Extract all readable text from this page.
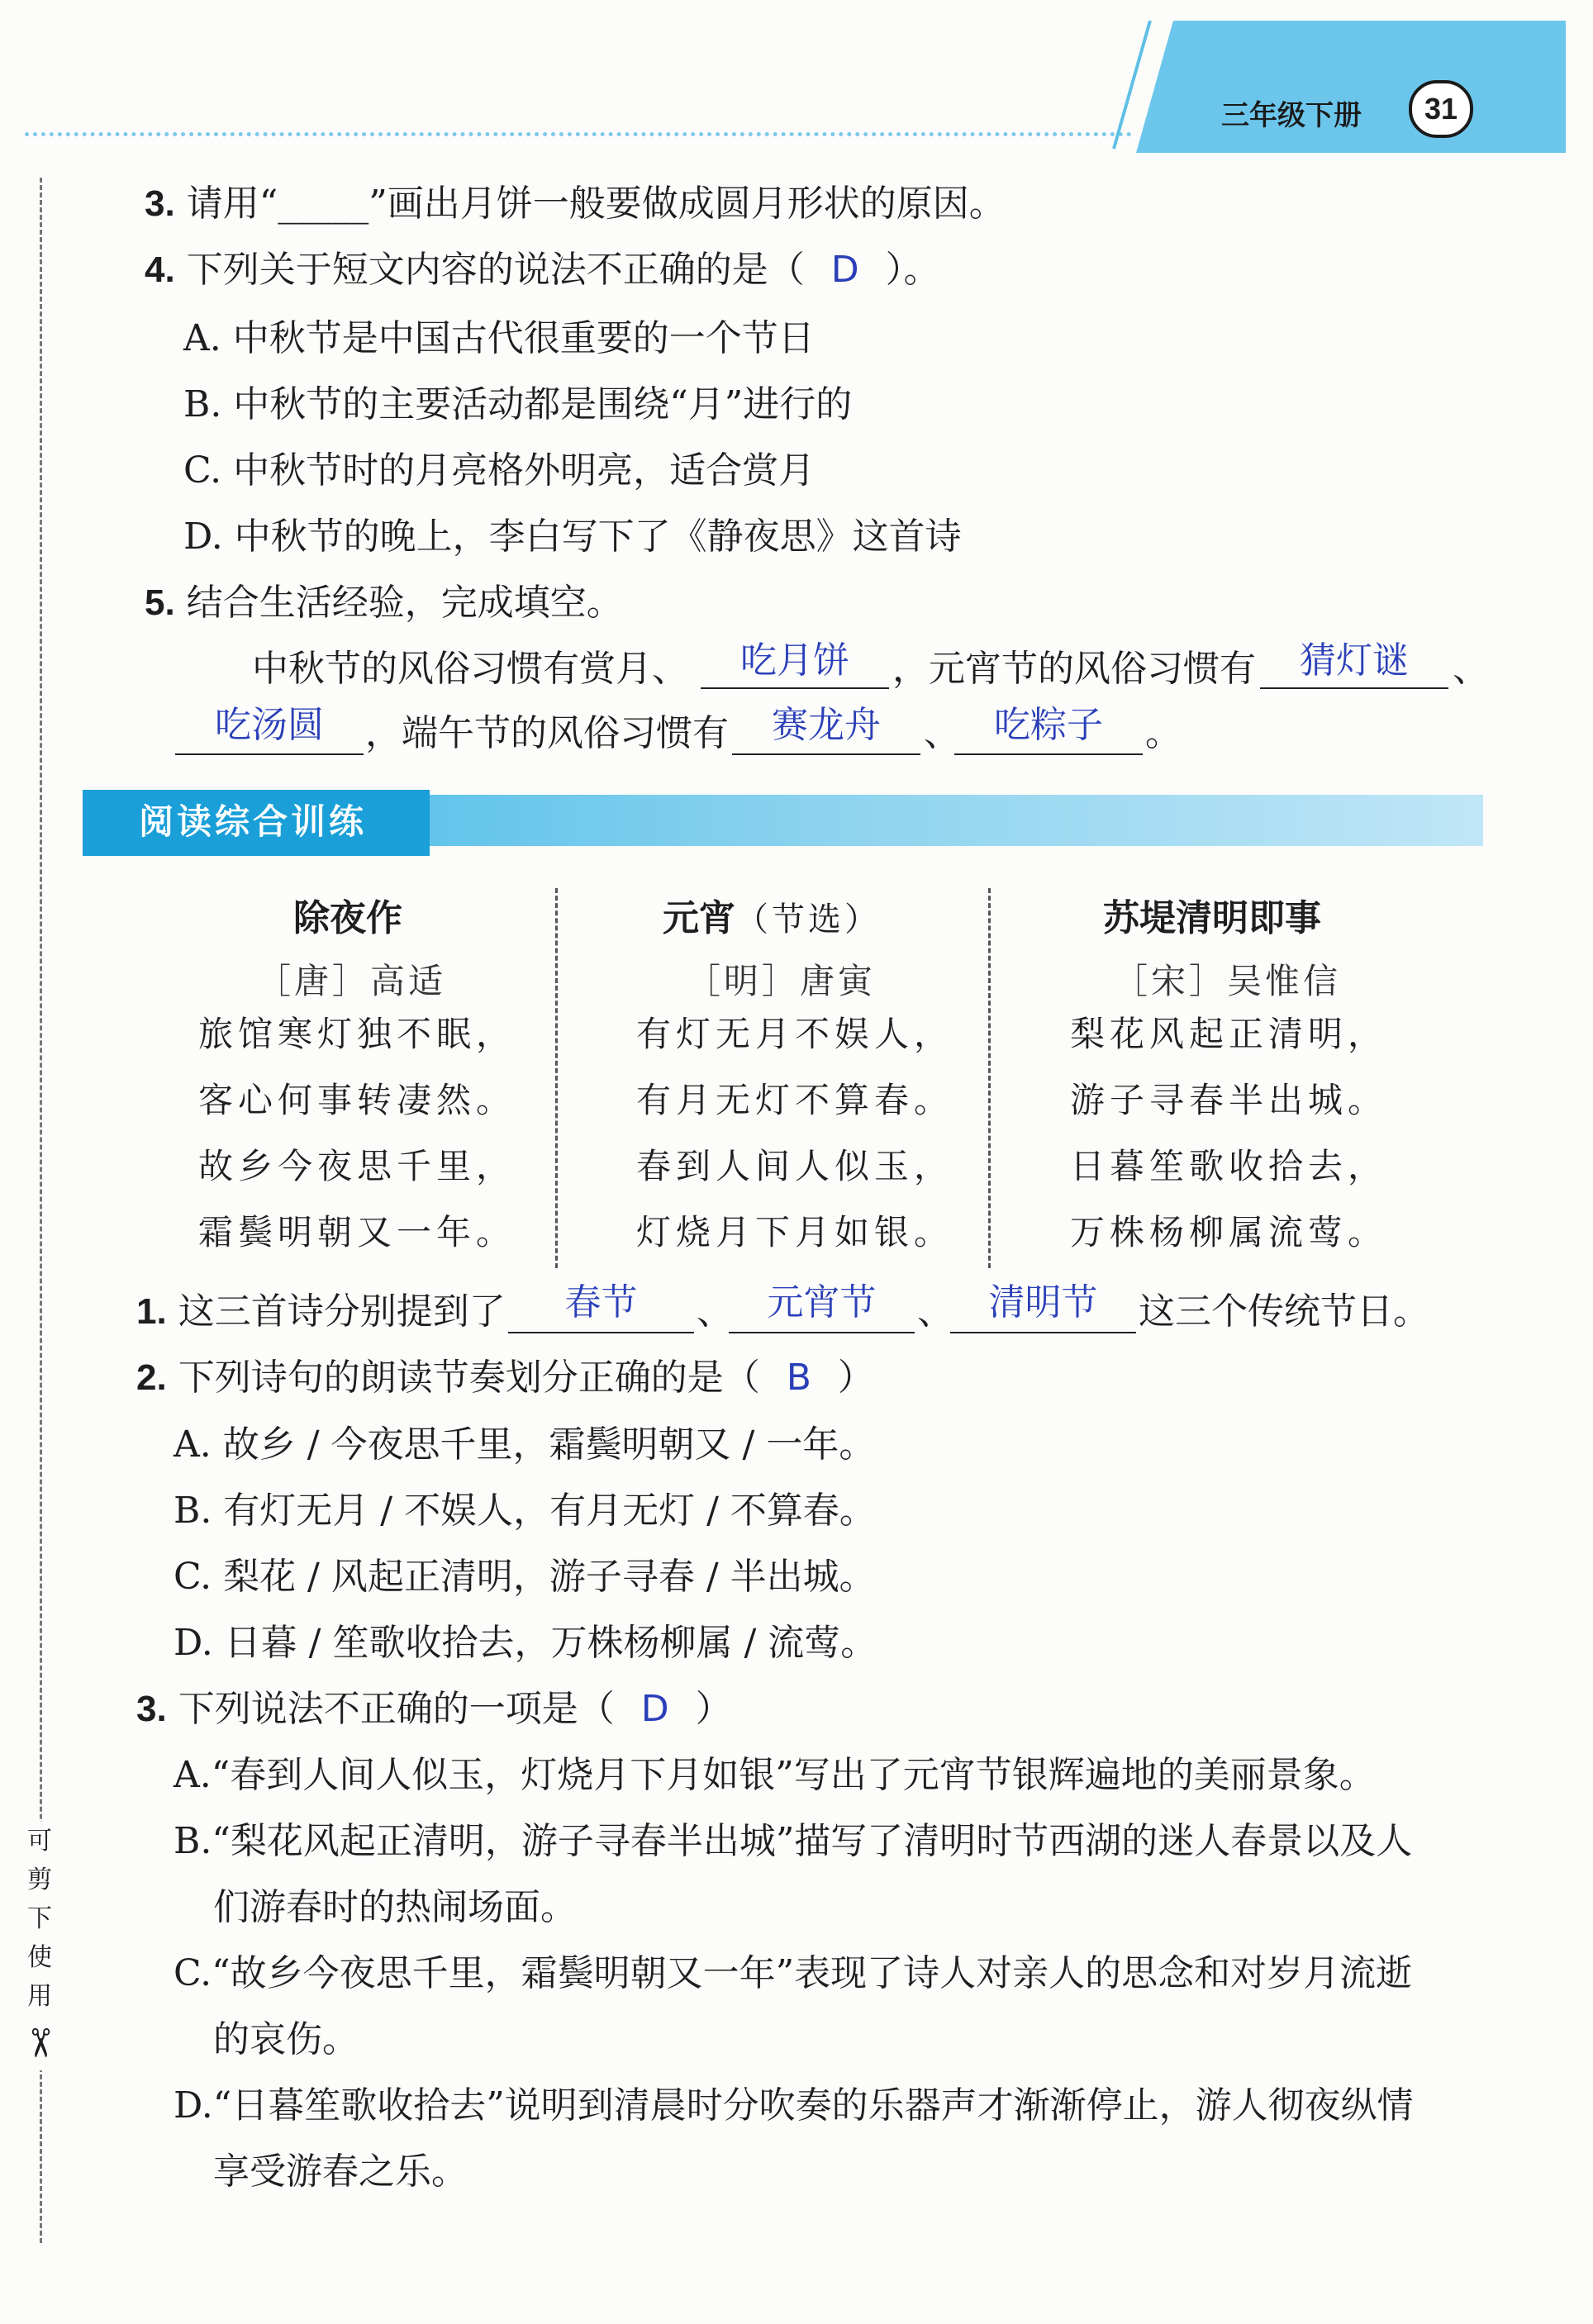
三年级下册	31
可
剪
下
使
用
✂
3. 请用“_____”画出月饼一般要做成圆月形状的原因。
4. 下列关于短文内容的说法不正确的是（ D ）。
A. 中秋节是中国古代很重要的一个节日
B. 中秋节的主要活动都是围绕“月”进行的
C. 中秋节时的月亮格外明亮，适合赏月
D. 中秋节的晚上，李白写下了《静夜思》这首诗
5. 结合生活经验，完成填空。
中秋节的风俗习惯有赏月、	吃月饼	，元宵节的风俗习惯有	猜灯谜	、
吃汤圆	，端午节的风俗习惯有	赛龙舟	、 吃粽子	。
阅读综合训练
除夜作
［唐］高适
旅馆寒灯独不眠，
客心何事转凄然。
故乡今夜思千里，
霜鬓明朝又一年。
元宵（节选）
［明］唐寅
有灯无月不娱人，
有月无灯不算春。
春到人间人似玉，
灯烧月下月如银。
苏堤清明即事
［宋］吴惟信
梨花风起正清明，
游子寻春半出城。
日暮笙歌收拾去，
万株杨柳属流莺。
1. 这三首诗分别提到了	春节	、 元宵节	、 清明节	这三个传统节日。
2. 下列诗句的朗读节奏划分正确的是（ B ）
A. 故乡 / 今夜思千里，霜鬓明朝又 / 一年。
B. 有灯无月 / 不娱人，有月无灯 / 不算春。
C. 梨花 / 风起正清明，游子寻春 / 半出城。
D. 日暮 / 笙歌收拾去，万株杨柳属 / 流莺。
3. 下列说法不正确的一项是（ D ）
A.“春到人间人似玉，灯烧月下月如银”写出了元宵节银辉遍地的美丽景象。
B.“梨花风起正清明，游子寻春半出城”描写了清明时节西湖的迷人春景以及人
们游春时的热闹场面。
C.“故乡今夜思千里，霜鬓明朝又一年”表现了诗人对亲人的思念和对岁月流逝
的哀伤。
D.“日暮笙歌收拾去”说明到清晨时分吹奏的乐器声才渐渐停止，游人彻夜纵情
享受游春之乐。
